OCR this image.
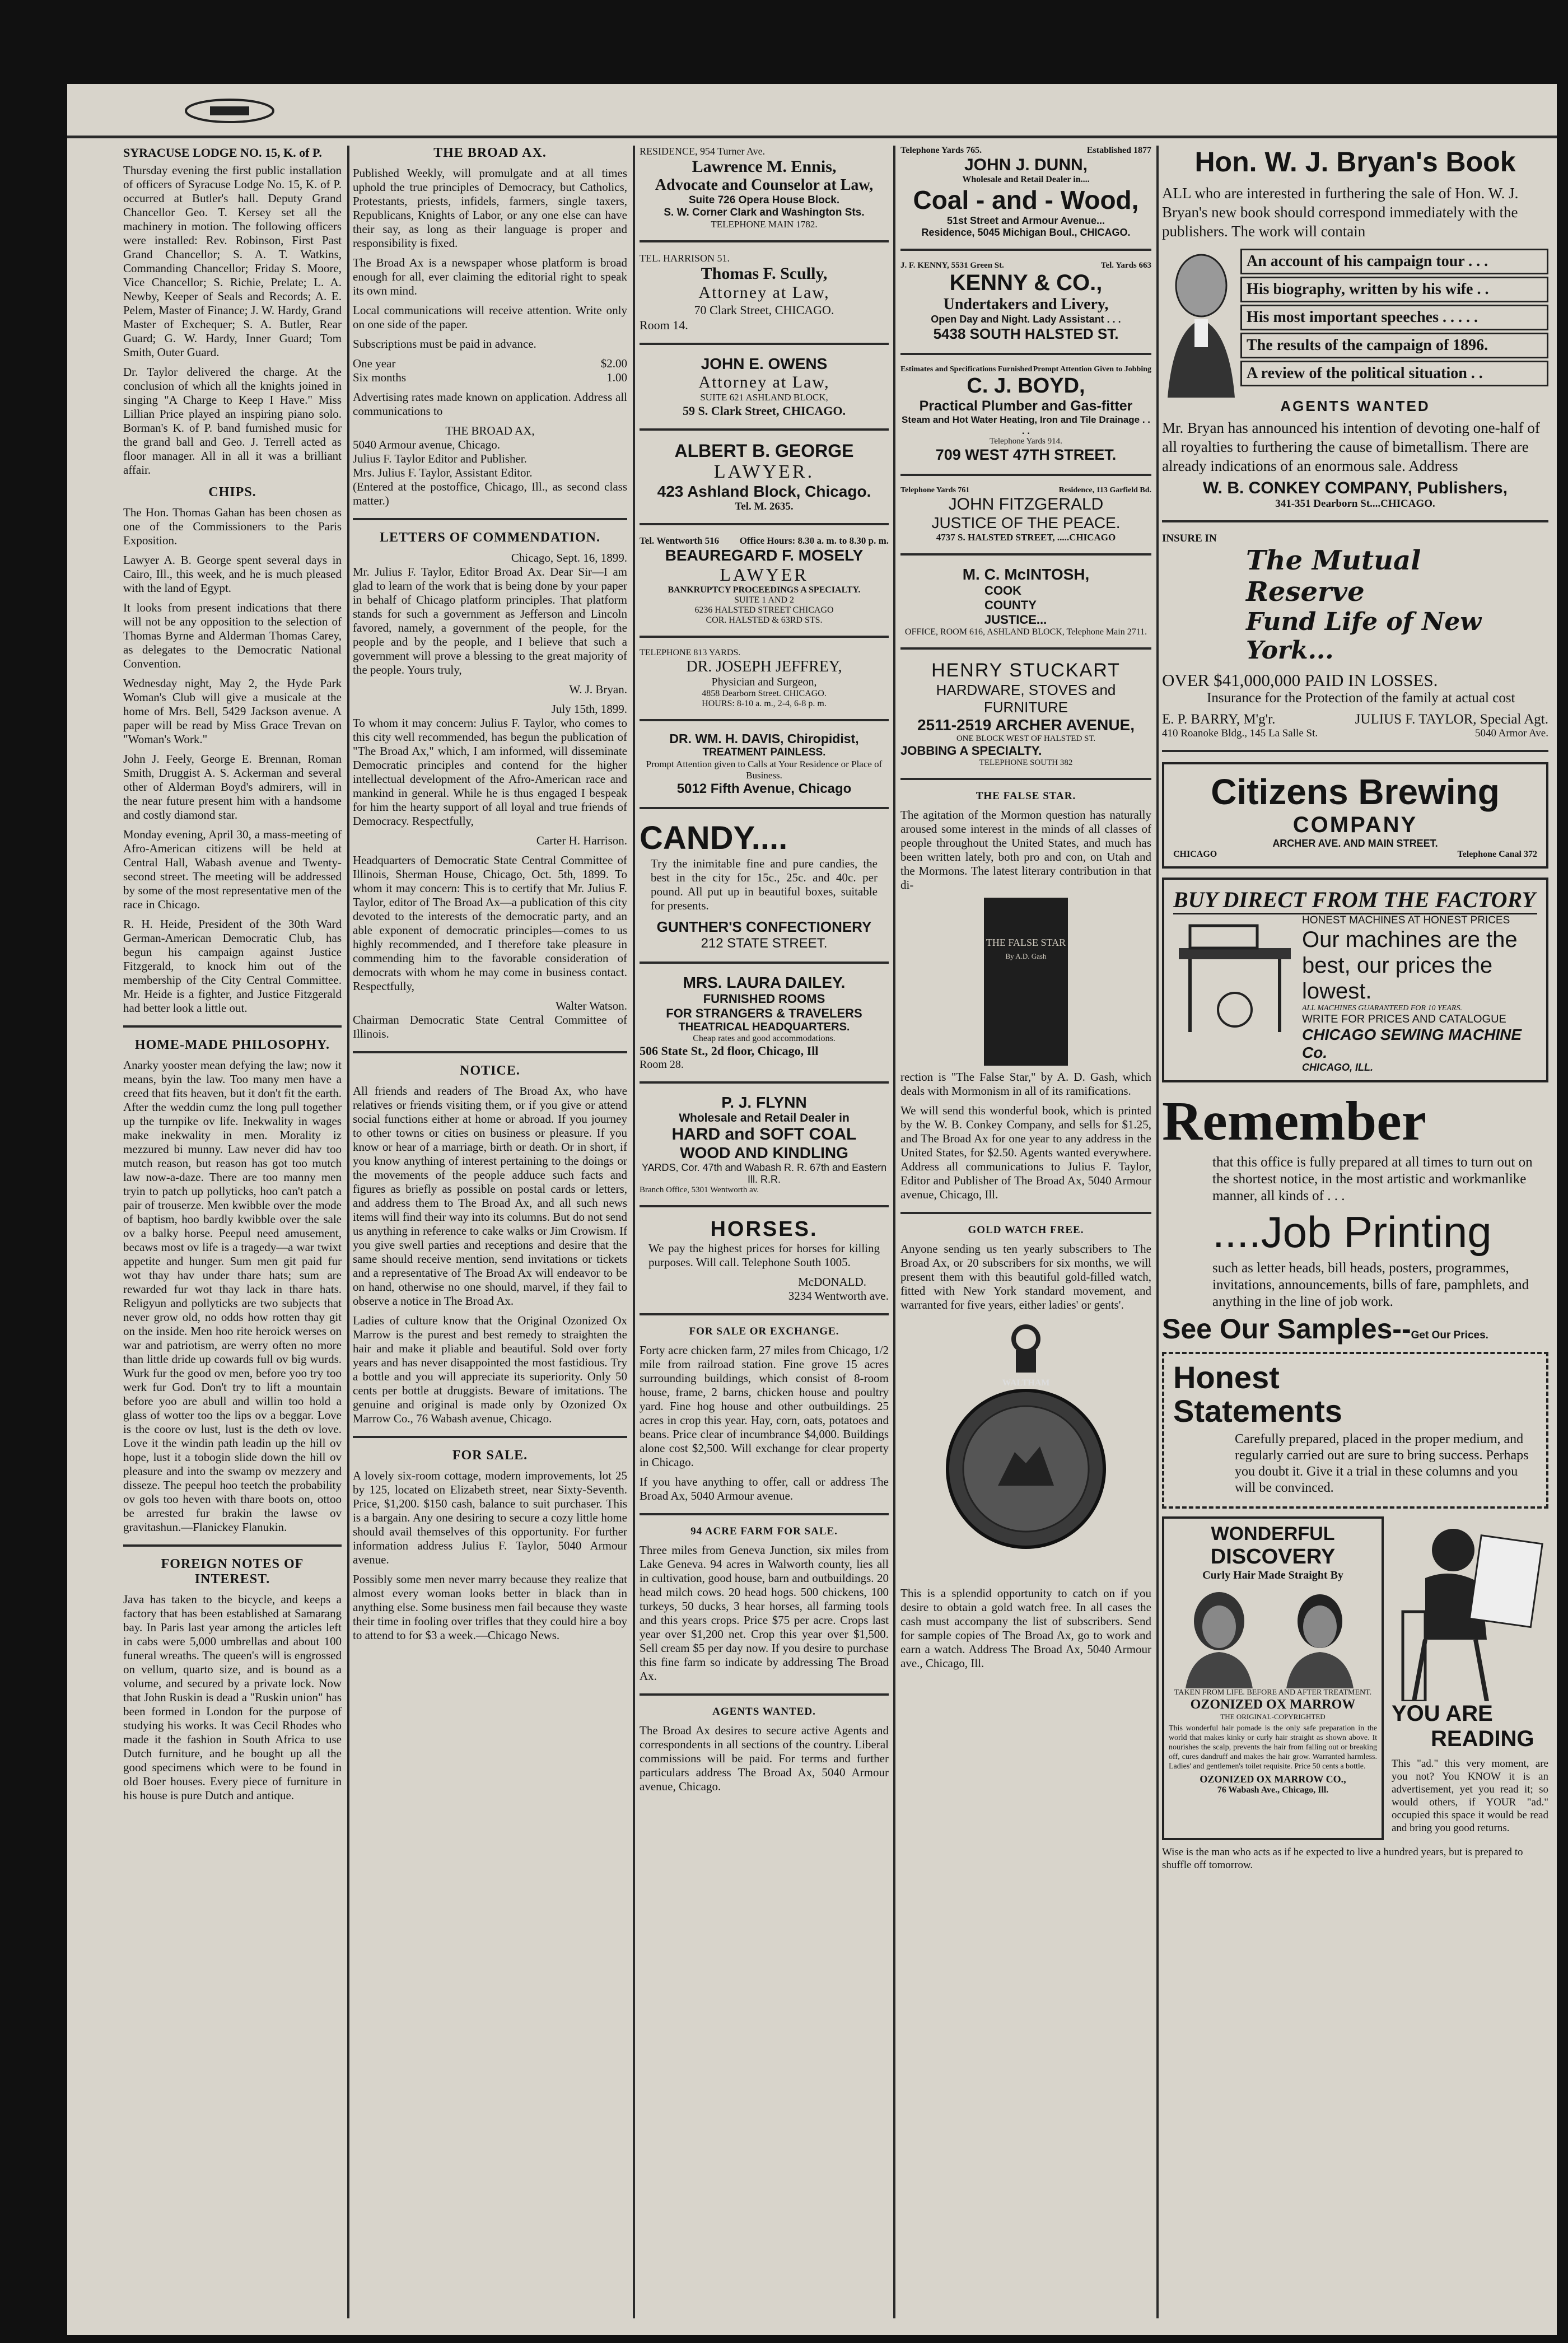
SYRACUSE LODGE NO. 15, K. of P.

Thursday evening the first public installation of officers of Syracuse Lodge No. 15, K. of P. occurred at Butler's hall. Deputy Grand Chancellor Geo. T. Kersey set all the machinery in motion. The following officers were installed: Rev. Robinson, First Past Grand Chancellor; S. A. T. Watkins, Commanding Chancellor; Friday S. Moore, Vice Chancellor; S. Richie, Prelate; L. A. Newby, Keeper of Seals and Records; A. E. Pelem, Master of Finance; J. W. Hardy, Grand Master of Exchequer; S. A. Butler, Rear Guard; G. W. Hardy, Inner Guard; Tom Smith, Outer Guard.

Dr. Taylor delivered the charge. At the conclusion of which all the knights joined in singing "A Charge to Keep I Have." Miss Lillian Price played an inspiring piano solo. Borman's K. of P. band furnished music for the grand ball and Geo. J. Terrell acted as floor manager. All in all it was a brilliant affair.

CHIPS.

The Hon. Thomas Gahan has been chosen as one of the Commissioners to the Paris Exposition.

Lawyer A. B. George spent several days in Cairo, Ill., this week, and he is much pleased with the land of Egypt.

It looks from present indications that there will not be any opposition to the selection of Thomas Byrne and Alderman Thomas Carey, as delegates to the Democratic National Convention.

Wednesday night, May 2, the Hyde Park Woman's Club will give a musicale at the home of Mrs. Bell, 5429 Jackson avenue. A paper will be read by Miss Grace Trevan on "Woman's Work."

John J. Feely, George E. Brennan, Roman Smith, Druggist A. S. Ackerman and several other of Alderman Boyd's admirers, will in the near future present him with a handsome and costly diamond star.

Monday evening, April 30, a mass-meeting of Afro-American citizens will be held at Central Hall, Wabash avenue and Twenty-second street. The meeting will be addressed by some of the most representative men of the race in Chicago.

R. H. Heide, President of the 30th Ward German-American Democratic Club, has begun his campaign against Justice Fitzgerald, to knock him out of the membership of the City Central Committee. Mr. Heide is a fighter, and Justice Fitzgerald had better look a little out.

HOME-MADE PHILOSOPHY.

Anarky yooster mean defying the law; now it means, byin the law. Too many men have a creed that fits heaven, but it don't fit the earth. After the weddin cumz the long pull together up the turnpike ov life. Inekwality in wages make inekwality in men. Morality iz mezzured bi munny. Law never did hav too mutch reason, but reason has got too mutch law now-a-daze. There are too manny men tryin to patch up pollyticks, hoo can't patch a pair of trouserze. Men kwibble over the mode of baptism, hoo bardly kwibble over the sale ov a balky horse. Peepul need amusement, becaws most ov life is a tragedy—a war twixt appetite and hunger. Sum men git paid fur wot thay hav under thare hats; sum are rewarded fur wot thay lack in thare hats. Religyun and pollyticks are two subjects that never grow old, no odds how rotten thay git on the inside. Men hoo rite heroick werses on war and patriotism, are werry often no more than little dride up cowards full ov big wurds. Wurk fur the good ov men, before yoo try too werk fur God. Don't try to lift a mountain before yoo are abull and willin too hold a glass of wotter too the lips ov a beggar. Love is the coore ov lust, lust is the deth ov love. Love it the windin path leadin up the hill ov hope, lust it a tobogin slide down the hill ov pleasure and into the swamp ov mezzery and disseze. The peepul hoo teetch the probability ov gols too heven with thare boots on, ottoo be arrested fur brakin the lawse ov gravitashun.—Flanickey Flanukin.

FOREIGN NOTES OF INTEREST.

Java has taken to the bicycle, and keeps a factory that has been established at Samarang bay. In Paris last year among the articles left in cabs were 5,000 umbrellas and about 100 funeral wreaths. The queen's will is engrossed on vellum, quarto size, and is bound as a volume, and secured by a private lock. Now that John Ruskin is dead a "Ruskin union" has been formed in London for the purpose of studying his works. It was Cecil Rhodes who made it the fashion in South Africa to use Dutch furniture, and he bought up all the good specimens which were to be found in old Boer houses. Every piece of furniture in his house is pure Dutch and antique.

THE BROAD AX.

Published Weekly, will promulgate and at all times uphold the true principles of Democracy, but Catholics, Protestants, priests, infidels, farmers, single taxers, Republicans, Knights of Labor, or any one else can have their say, as long as their language is proper and responsibility is fixed.

The Broad Ax is a newspaper whose platform is broad enough for all, ever claiming the editorial right to speak its own mind.

Local communications will receive attention. Write only on one side of the paper.

Subscriptions must be paid in advance.

One year	$2.00
Six months	1.00

Advertising rates made known on application. Address all communications to

THE BROAD AX,
5040 Armour avenue, Chicago.
Julius F. Taylor Editor and Publisher.
Mrs. Julius F. Taylor, Assistant Editor.

(Entered at the postoffice, Chicago, Ill., as second class matter.)

LETTERS OF COMMENDATION.
Chicago, Sept. 16, 1899.

Mr. Julius F. Taylor, Editor Broad Ax. Dear Sir—I am glad to learn of the work that is being done by your paper in behalf of Chicago platform principles. That platform stands for such a government as Jefferson and Lincoln favored, namely, a government of the people, for the people and by the people, and I believe that such a government will prove a blessing to the great majority of the people. Yours truly,

W. J. Bryan.
July 15th, 1899.

To whom it may concern: Julius F. Taylor, who comes to this city well recommended, has begun the publication of "The Broad Ax," which, I am informed, will disseminate Democratic principles and contend for the higher intellectual development of the Afro-American race and mankind in general. While he is thus engaged I bespeak for him the hearty support of all loyal and true friends of Democracy. Respectfully,

Carter H. Harrison.

Headquarters of Democratic State Central Committee of Illinois, Sherman House, Chicago, Oct. 5th, 1899. To whom it may concern: This is to certify that Mr. Julius F. Taylor, editor of The Broad Ax—a publication of this city devoted to the interests of the democratic party, and an able exponent of democratic principles—comes to us highly recommended, and I therefore take pleasure in commending him to the favorable consideration of democrats with whom he may come in business contact. Respectfully,

Walter Watson.

Chairman Democratic State Central Committee of Illinois.

NOTICE.

All friends and readers of The Broad Ax, who have relatives or friends visiting them, or if you give or attend social functions either at home or abroad. If you journey to other towns or cities on business or pleasure. If you know or hear of a marriage, birth or death. Or in short, if you know anything of interest pertaining to the doings or the movements of the people adduce such facts and figures as briefly as possible on postal cards or letters, and address them to The Broad Ax, and all such news items will find their way into its columns. But do not send us anything in reference to cake walks or Jim Crowism. If you give swell parties and receptions and desire that the same should receive mention, send invitations or tickets and a representative of The Broad Ax will endeavor to be on hand, otherwise no one should, marvel, if they fail to observe a notice in The Broad Ax.

Ladies of culture know that the Original Ozonized Ox Marrow is the purest and best remedy to straighten the hair and make it pliable and beautiful. Sold over forty years and has never disappointed the most fastidious. Try a bottle and you will appreciate its superiority. Only 50 cents per bottle at druggists. Beware of imitations. The genuine and original is made only by Ozonized Ox Marrow Co., 76 Wabash avenue, Chicago.

FOR SALE.

A lovely six-room cottage, modern improvements, lot 25 by 125, located on Elizabeth street, near Sixty-Seventh. Price, $1,200. $150 cash, balance to suit purchaser. This is a bargain. Any one desiring to secure a cozy little home should avail themselves of this opportunity. For further information address Julius F. Taylor, 5040 Armour avenue.

Possibly some men never marry because they realize that almost every woman looks better in black than in anything else. Some business men fail because they waste their time in fooling over trifles that they could hire a boy to attend to for $3 a week.—Chicago News.

RESIDENCE, 954 Turner Ave.
Lawrence M. Ennis,
Advocate and Counselor at Law,
Suite 726 Opera House Block.
S. W. Corner Clark and Washington Sts.
TELEPHONE MAIN 1782.
TEL. HARRISON 51.
Thomas F. Scully,
Attorney at Law,
70 Clark Street, CHICAGO.
Room 14.
JOHN E. OWENS
Attorney at Law,
SUITE 621 ASHLAND BLOCK,
59 S. Clark Street, CHICAGO.
ALBERT B. GEORGE
LAWYER.
423 Ashland Block, Chicago.
Tel. M. 2635.
Tel. Wentworth 516 Office Hours: 8.30 a. m. to 8.30 p. m.
BEAUREGARD F. MOSELY
LAWYER
BANKRUPTCY PROCEEDINGS A SPECIALTY.
SUITE 1 AND 2
6236 HALSTED STREET CHICAGO
COR. HALSTED & 63RD STS.
TELEPHONE 813 YARDS.
DR. JOSEPH JEFFREY,
Physician and Surgeon,
4858 Dearborn Street. CHICAGO.
HOURS: 8-10 a. m., 2-4, 6-8 p. m.
DR. WM. H. DAVIS, Chiropidist,
TREATMENT PAINLESS.
Prompt Attention given to Calls at Your Residence or Place of Business.
5012 Fifth Avenue, Chicago
CANDY....
Try the inimitable fine and pure candies, the best in the city for 15c., 25c. and 40c. per pound. All put up in beautiful boxes, suitable for presents.
GUNTHER'S CONFECTIONERY
212 STATE STREET.
MRS. LAURA DAILEY.
FURNISHED ROOMS
FOR STRANGERS & TRAVELERS
THEATRICAL HEADQUARTERS.
Cheap rates and good accommodations.
506 State St., 2d floor, Chicago, Ill
Room 28.
P. J. FLYNN
Wholesale and Retail Dealer in
HARD and SOFT COAL
WOOD AND KINDLING
YARDS, Cor. 47th and Wabash R. R. 67th and Eastern Ill. R.R.
Branch Office, 5301 Wentworth av.
HORSES.
We pay the highest prices for horses for killing purposes. Will call. Telephone South 1005.
McDONALD.
3234 Wentworth ave.
FOR SALE OR EXCHANGE.

Forty acre chicken farm, 27 miles from Chicago, 1/2 mile from railroad station. Fine grove 15 acres surrounding buildings, which consist of 8-room house, frame, 2 barns, chicken house and poultry yard. Fine hog house and other outbuildings. 25 acres in crop this year. Hay, corn, oats, potatoes and beans. Price clear of incumbrance $4,000. Buildings alone cost $2,500. Will exchange for clear property in Chicago.

If you have anything to offer, call or address The Broad Ax, 5040 Armour avenue.

94 ACRE FARM FOR SALE.

Three miles from Geneva Junction, six miles from Lake Geneva. 94 acres in Walworth county, lies all in cultivation, good house, barn and outbuildings. 20 head milch cows. 20 head hogs. 500 chickens, 100 turkeys, 50 ducks, 3 hear horses, all farming tools and this years crops. Price $75 per acre. Crops last year over $1,200 net. Crop this year over $1,500. Sell cream $5 per day now. If you desire to purchase this fine farm so indicate by addressing The Broad Ax.

AGENTS WANTED.

The Broad Ax desires to secure active Agents and correspondents in all sections of the country. Liberal commissions will be paid. For terms and further particulars address The Broad Ax, 5040 Armour avenue, Chicago.

Telephone Yards 765.	Established 1877
JOHN J. DUNN,
Wholesale and Retail Dealer in....
Coal - and - Wood,
51st Street and Armour Avenue...
Residence, 5045 Michigan Boul., CHICAGO.
J. F. KENNY, 5531 Green St.	Tel. Yards 663
KENNY & CO.,
Undertakers and Livery,
Open Day and Night. Lady Assistant . . .
5438 SOUTH HALSTED ST.
Estimates and Specifications Furnished Prompt Attention Given to Jobbing
C. J. BOYD,
Practical Plumber and Gas-fitter
Steam and Hot Water Heating, Iron and Tile Drainage . . . .
Telephone Yards 914.
709 WEST 47TH STREET.
Telephone Yards 761	Residence, 113 Garfield Bd.
JOHN FITZGERALD
JUSTICE OF THE PEACE.
4737 S. HALSTED STREET, .....CHICAGO
M. C. McINTOSH,
COOK
COUNTY
JUSTICE...
OFFICE, ROOM 616, ASHLAND BLOCK, Telephone Main 2711.
HENRY STUCKART
HARDWARE, STOVES and FURNITURE
2511-2519 ARCHER AVENUE,
ONE BLOCK WEST OF HALSTED ST.
JOBBING A SPECIALTY.
TELEPHONE SOUTH 382
THE FALSE STAR.

The agitation of the Mormon question has naturally aroused some interest in the minds of all classes of people throughout the United States, and much has been written lately, both pro and con, on Utah and the Mormons. The latest literary contribution in that di-

THE FALSE STAR
By A.D. Gash

rection is "The False Star," by A. D. Gash, which deals with Mormonism in all of its ramifications.

We will send this wonderful book, which is printed by the W. B. Conkey Company, and sells for $1.25, and The Broad Ax for one year to any address in the United States, for $2.50. Agents wanted everywhere. Address all communications to Julius F. Taylor, Editor and Publisher of The Broad Ax, 5040 Armour avenue, Chicago, Ill.

GOLD WATCH FREE.

Anyone sending us ten yearly subscribers to The Broad Ax, or 20 subscribers for six months, we will present them with this beautiful gold-filled watch, fitted with New York standard movement, and warranted for five years, either ladies' or gents'.

WALTHAM

This is a splendid opportunity to catch on if you desire to obtain a gold watch free. In all cases the cash must accompany the list of subscribers. Send for sample copies of The Broad Ax, go to work and earn a watch. Address The Broad Ax, 5040 Armour ave., Chicago, Ill.

Hon. W. J. Bryan's Book

ALL who are interested in furthering the sale of Hon. W. J. Bryan's new book should correspond immediately with the publishers. The work will contain

An account of his campaign tour . . .
His biography, written by his wife . .
His most important speeches . . . . .
The results of the campaign of 1896.
A review of the political situation . .
AGENTS WANTED

Mr. Bryan has announced his intention of devoting one-half of all royalties to furthering the cause of bimetallism. There are already indications of an enormous sale. Address

W. B. CONKEY COMPANY, Publishers,
341-351 Dearborn St....CHICAGO.
INSURE IN
The Mutual Reserve
Fund Life of New York...
OVER $41,000,000 PAID IN LOSSES.
Insurance for the Protection of the family at actual cost
E. P. BARRY, M'g'r.	JULIUS F. TAYLOR, Special Agt.
410 Roanoke Bldg., 145 La Salle St.	5040 Armor Ave.
Citizens Brewing
COMPANY
ARCHER AVE. AND MAIN STREET.
CHICAGO	Telephone Canal 372
BUY DIRECT FROM THE FACTORY
HONEST MACHINES AT HONEST PRICES
Our machines are the
best, our prices the
lowest.
ALL MACHINES GUARANTEED FOR 10 YEARS.
WRITE FOR PRICES AND CATALOGUE
CHICAGO SEWING MACHINE Co.
CHICAGO, ILL.
Remember

that this office is fully prepared at all times to turn out on the shortest notice, in the most artistic and workmanlike manner, all kinds of . . .

....Job Printing

such as letter heads, bill heads, posters, programmes, invitations, announcements, bills of fare, pamphlets, and anything in the line of job work.

See Our Samples-- Get Our Prices.
Honest
Statements

Carefully prepared, placed in the proper medium, and regularly carried out are sure to bring success. Perhaps you doubt it. Give it a trial in these columns and you will be convinced.

WONDERFUL
DISCOVERY
Curly Hair Made Straight By
TAKEN FROM LIFE. BEFORE AND AFTER TREATMENT.
OZONIZED OX MARROW
THE ORIGINAL-COPYRIGHTED

This wonderful hair pomade is the only safe preparation in the world that makes kinky or curly hair straight as shown above. It nourishes the scalp, prevents the hair from falling out or breaking off, cures dandruff and makes the hair grow. Warranted harmless. Ladies' and gentlemen's toilet requisite. Price 50 cents a bottle.

OZONIZED OX MARROW CO.,
76 Wabash Ave., Chicago, Ill.
YOU ARE
READING

This "ad." this very moment, are you not? You KNOW it is an advertisement, yet you read it; so would others, if YOUR "ad." occupied this space it would be read and bring you good returns.

Wise is the man who acts as if he expected to live a hundred years, but is prepared to shuffle off tomorrow.
